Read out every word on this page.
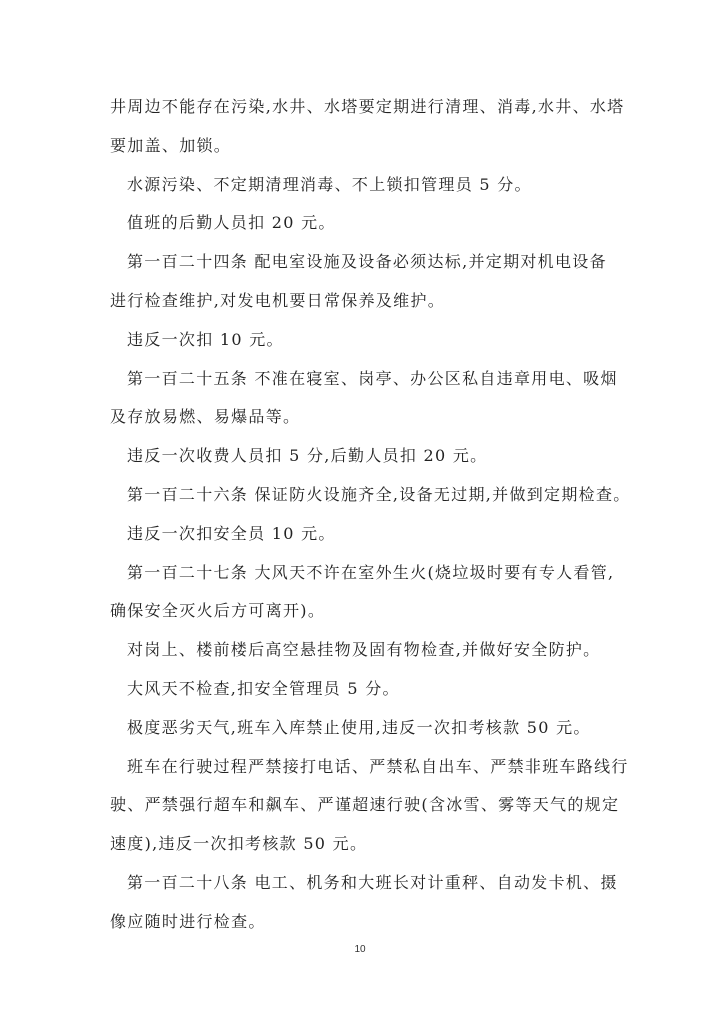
井周边不能存在污染,水井、水塔要定期进行清理、消毒,水井、水塔
要加盖、加锁。
水源污染、不定期清理消毒、不上锁扣管理员 5 分。
值班的后勤人员扣 20 元。
第一百二十四条 配电室设施及设备必须达标,并定期对机电设备
进行检查维护,对发电机要日常保养及维护。
违反一次扣 10 元。
第一百二十五条 不准在寝室、岗亭、办公区私自违章用电、吸烟
及存放易燃、易爆品等。
违反一次收费人员扣 5 分,后勤人员扣 20 元。
第一百二十六条 保证防火设施齐全,设备无过期,并做到定期检查。
违反一次扣安全员 10 元。
第一百二十七条 大风天不许在室外生火(烧垃圾时要有专人看管,
确保安全灭火后方可离开)。
对岗上、楼前楼后高空悬挂物及固有物检查,并做好安全防护。
大风天不检查,扣安全管理员 5 分。
极度恶劣天气,班车入库禁止使用,违反一次扣考核款 50 元。
班车在行驶过程严禁接打电话、严禁私自出车、严禁非班车路线行
驶、严禁强行超车和飙车、严谨超速行驶(含冰雪、雾等天气的规定
速度),违反一次扣考核款 50 元。
第一百二十八条 电工、机务和大班长对计重秤、自动发卡机、摄
像应随时进行检查。
10
